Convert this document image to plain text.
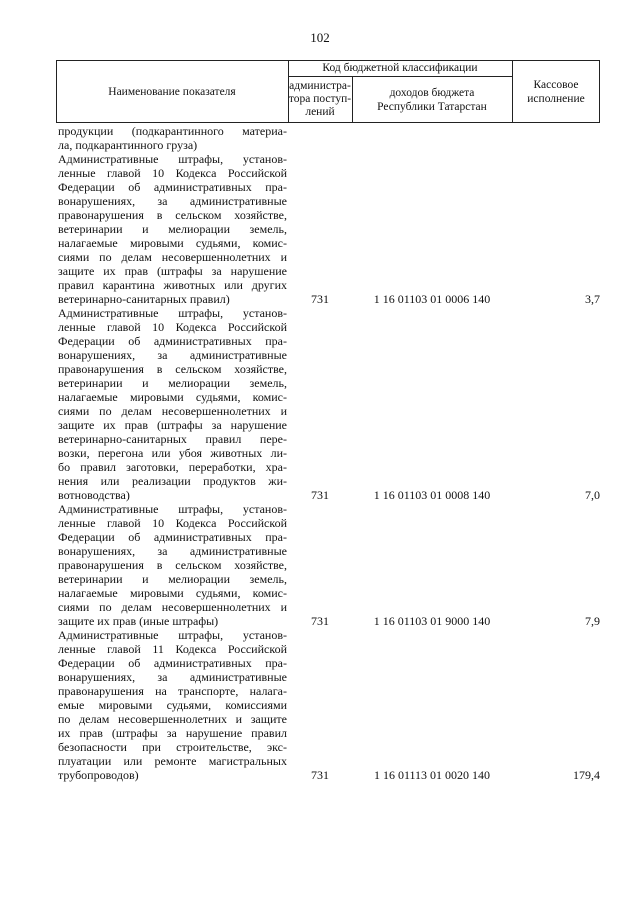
102
Наименование показателя
Код бюджетной классификации
администра-
тора поступ-
лений
доходов бюджета
Республики Татарстан
Кассовое
исполнение
продукции (подкарантинного материа-
ла, подкарантинного груза)
Административные штрафы, установ-
ленные главой 10 Кодекса Российской
Федерации об административных пра-
вонарушениях, за административные
правонарушения в сельском хозяйстве,
ветеринарии и мелиорации земель,
налагаемые мировыми судьями, комис-
сиями по делам несовершеннолетних и
защите их прав (штрафы за нарушение
правил карантина животных или других
ветеринарно-санитарных правил)	731	1 16 01103 01 0006 140	3,7
Административные штрафы, установ-
ленные главой 10 Кодекса Российской
Федерации об административных пра-
вонарушениях, за административные
правонарушения в сельском хозяйстве,
ветеринарии и мелиорации земель,
налагаемые мировыми судьями, комис-
сиями по делам несовершеннолетних и
защите их прав (штрафы за нарушение
ветеринарно-санитарных правил пере-
возки, перегона или убоя животных ли-
бо правил заготовки, переработки, хра-
нения или реализации продуктов жи-
вотноводства)	731	1 16 01103 01 0008 140	7,0
Административные штрафы, установ-
ленные главой 10 Кодекса Российской
Федерации об административных пра-
вонарушениях, за административные
правонарушения в сельском хозяйстве,
ветеринарии и мелиорации земель,
налагаемые мировыми судьями, комис-
сиями по делам несовершеннолетних и
защите их прав (иные штрафы)	731	1 16 01103 01 9000 140	7,9
Административные штрафы, установ-
ленные главой 11 Кодекса Российской
Федерации об административных пра-
вонарушениях, за административные
правонарушения на транспорте, налага-
емые мировыми судьями, комиссиями
по делам несовершеннолетних и защите
их прав (штрафы за нарушение правил
безопасности при строительстве, экс-
плуатации или ремонте магистральных
трубопроводов)	731	1 16 01113 01 0020 140	179,4
